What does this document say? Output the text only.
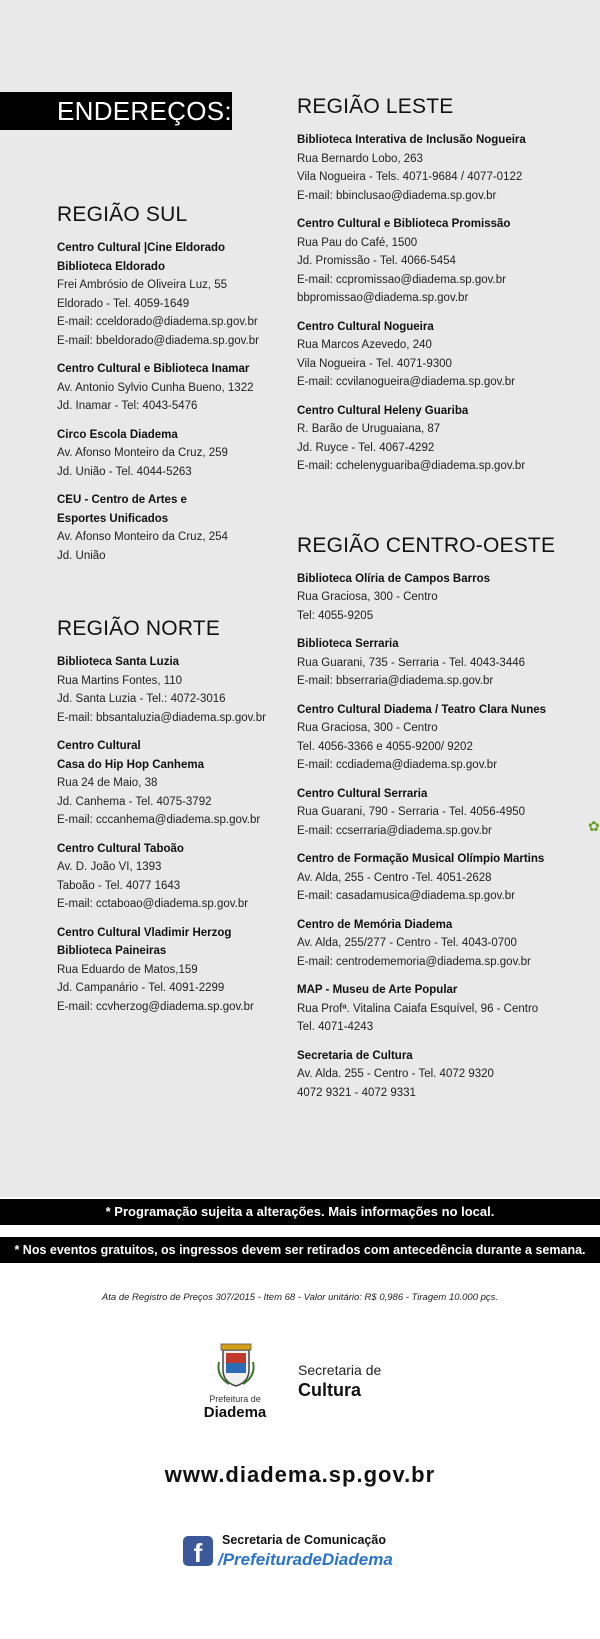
ENDEREÇOS:
REGIÃO SUL
Centro Cultural |Cine Eldorado
Biblioteca Eldorado
Frei Ambrósio de Oliveira Luz, 55
Eldorado - Tel. 4059-1649
E-mail: cceldorado@diadema.sp.gov.br
E-mail: bbeldorado@diadema.sp.gov.br
Centro Cultural e Biblioteca Inamar
Av. Antonio Sylvio Cunha Bueno, 1322
Jd. Inamar - Tel: 4043-5476
Circo Escola Diadema
Av. Afonso Monteiro da Cruz, 259
Jd. União - Tel. 4044-5263
CEU - Centro de Artes e
Esportes Unificados
Av. Afonso Monteiro da Cruz, 254
Jd. União
REGIÃO NORTE
Biblioteca Santa Luzia
Rua Martins Fontes, 110
Jd. Santa Luzia - Tel.: 4072-3016
E-mail: bbsantaluzia@diadema.sp.gov.br
Centro Cultural
Casa do Hip Hop Canhema
Rua 24 de Maio, 38
Jd. Canhema - Tel. 4075-3792
E-mail: cccanhema@diadema.sp.gov.br
Centro Cultural Taboão
Av. D. João VI, 1393
Taboão - Tel. 4077 1643
E-mail: cctaboao@diadema.sp.gov.br
Centro Cultural Vladimir Herzog
Biblioteca Paineiras
Rua Eduardo de Matos,159
Jd. Campanário - Tel. 4091-2299
E-mail: ccvherzog@diadema.sp.gov.br
REGIÃO LESTE
Biblioteca Interativa de Inclusão Nogueira
Rua Bernardo Lobo, 263
Vila Nogueira - Tels. 4071-9684 / 4077-0122
E-mail: bbinclusao@diadema.sp.gov.br
Centro Cultural e Biblioteca Promissão
Rua Pau do Café, 1500
Jd. Promissão - Tel. 4066-5454
E-mail: ccpromissao@diadema.sp.gov.br
bbpromissao@diadema.sp.gov.br
Centro Cultural Nogueira
Rua Marcos Azevedo, 240
Vila Nogueira - Tel. 4071-9300
E-mail: ccvilanogueira@diadema.sp.gov.br
Centro Cultural Heleny Guariba
R. Barão de Uruguaiana, 87
Jd. Ruyce - Tel. 4067-4292
E-mail: cchelenyguariba@diadema.sp.gov.br
REGIÃO CENTRO-OESTE
Biblioteca Olíria de Campos Barros
Rua Graciosa, 300 - Centro
Tel: 4055-9205
Biblioteca Serraria
Rua Guarani, 735 - Serraria - Tel. 4043-3446
E-mail: bbserraria@diadema.sp.gov.br
Centro Cultural Diadema / Teatro Clara Nunes
Rua Graciosa, 300 - Centro
Tel. 4056-3366 e 4055-9200/ 9202
E-mail: ccdiadema@diadema.sp.gov.br
Centro Cultural Serraria
Rua Guarani, 790 - Serraria - Tel. 4056-4950
E-mail: ccserraria@diadema.sp.gov.br
Centro de Formação Musical Olímpio Martins
Av. Alda, 255 - Centro -Tel. 4051-2628
E-mail: casadamusica@diadema.sp.gov.br
Centro de Memória Diadema
Av. Alda, 255/277 - Centro - Tel. 4043-0700
E-mail: centrodememoria@diadema.sp.gov.br
MAP - Museu de Arte Popular
Rua Profª. Vitalina Caiafa Esquível, 96 - Centro
Tel. 4071-4243
Secretaria de Cultura
Av. Alda. 255 - Centro - Tel. 4072 9320
4072 9321 - 4072 9331
* Programação sujeita a alterações. Mais informações no local.
* Nos eventos gratuitos, os ingressos devem ser retirados com antecedência durante a semana.
Ata de Registro de Preços 307/2015 - Item 68 - Valor unitário: R$ 0,986 - Tiragem 10.000 pçs.
Prefeitura de
Diadema
Secretaria de
Cultura
www.diadema.sp.gov.br
f	Secretaria de Comunicação
/PrefeituradeDiadema
✿
